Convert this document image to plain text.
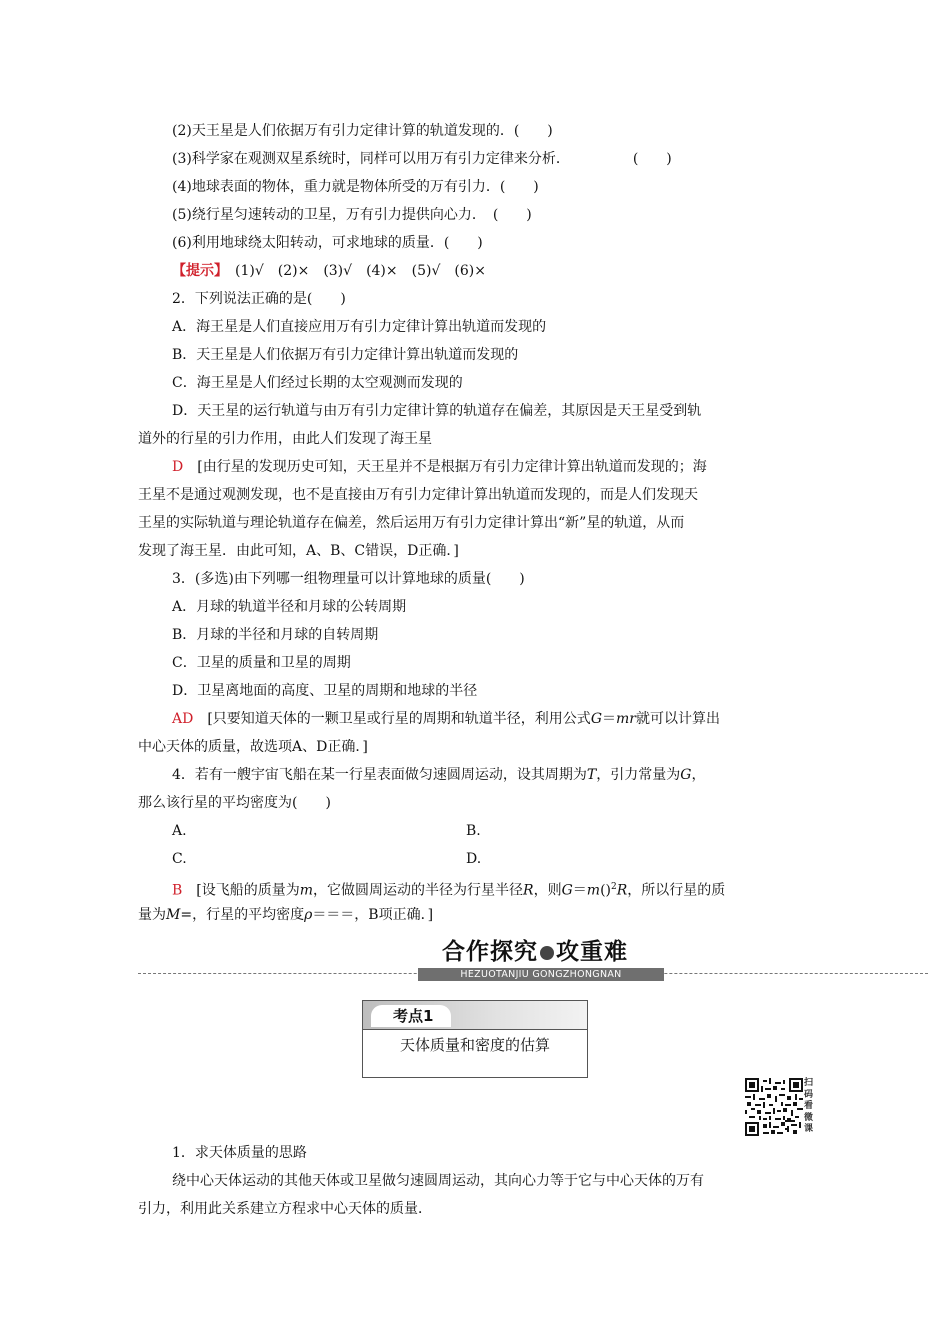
(2)天王星是人们依据万有引力定律计算的轨道发现的．(　　)
(3)科学家在观测双星系统时，同样可以用万有引力定律来分析．　　　　　(　　)
(4)地球表面的物体，重力就是物体所受的万有引力．(　　)
(5)绕行星匀速转动的卫星，万有引力提供向心力．　(　　)
(6)利用地球绕太阳转动，可求地球的质量．(　　)
【提示】　(1)√　(2)×　(3)√　(4)×　(5)√　(6)×
2．下列说法正确的是(　　)
A．海王星是人们直接应用万有引力定律计算出轨道而发现的
B．天王星是人们依据万有引力定律计算出轨道而发现的
C．海王星是人们经过长期的太空观测而发现的
D．天王星的运行轨道与由万有引力定律计算的轨道存在偏差，其原因是天王星受到轨
道外的行星的引力作用，由此人们发现了海王星
D　[由行星的发现历史可知，天王星并不是根据万有引力定律计算出轨道而发现的；海
王星不是通过观测发现，也不是直接由万有引力定律计算出轨道而发现的，而是人们发现天
王星的实际轨道与理论轨道存在偏差，然后运用万有引力定律计算出“新”星的轨道，从而
发现了海王星．由此可知，A、B、C错误，D正确．]
3．(多选)由下列哪一组物理量可以计算地球的质量(　　)
A．月球的轨道半径和月球的公转周期
B．月球的半径和月球的自转周期
C．卫星的质量和卫星的周期
D．卫星离地面的高度、卫星的周期和地球的半径
AD　[只要知道天体的一颗卫星或行星的周期和轨道半径，利用公式G＝mr就可以计算出
中心天体的质量，故选项A、D正确．]
4．若有一艘宇宙飞船在某一行星表面做匀速圆周运动，设其周期为T，引力常量为G，
那么该行星的平均密度为(　　)
A.	B.
C.	D.
B　[设飞船的质量为m，它做圆周运动的半径为行星半径R，则G＝m()$^2$R，所以行星的质
量为M=，行星的平均密度ρ＝＝＝，B项正确．]
合作探究 攻重难
HEZUOTANJIU GONGZHONGNAN
考点1
天体质量和密度的估算
扫
码
看
微
课
1．求天体质量的思路
绕中心天体运动的其他天体或卫星做匀速圆周运动，其向心力等于它与中心天体的万有
引力，利用此关系建立方程求中心天体的质量．
